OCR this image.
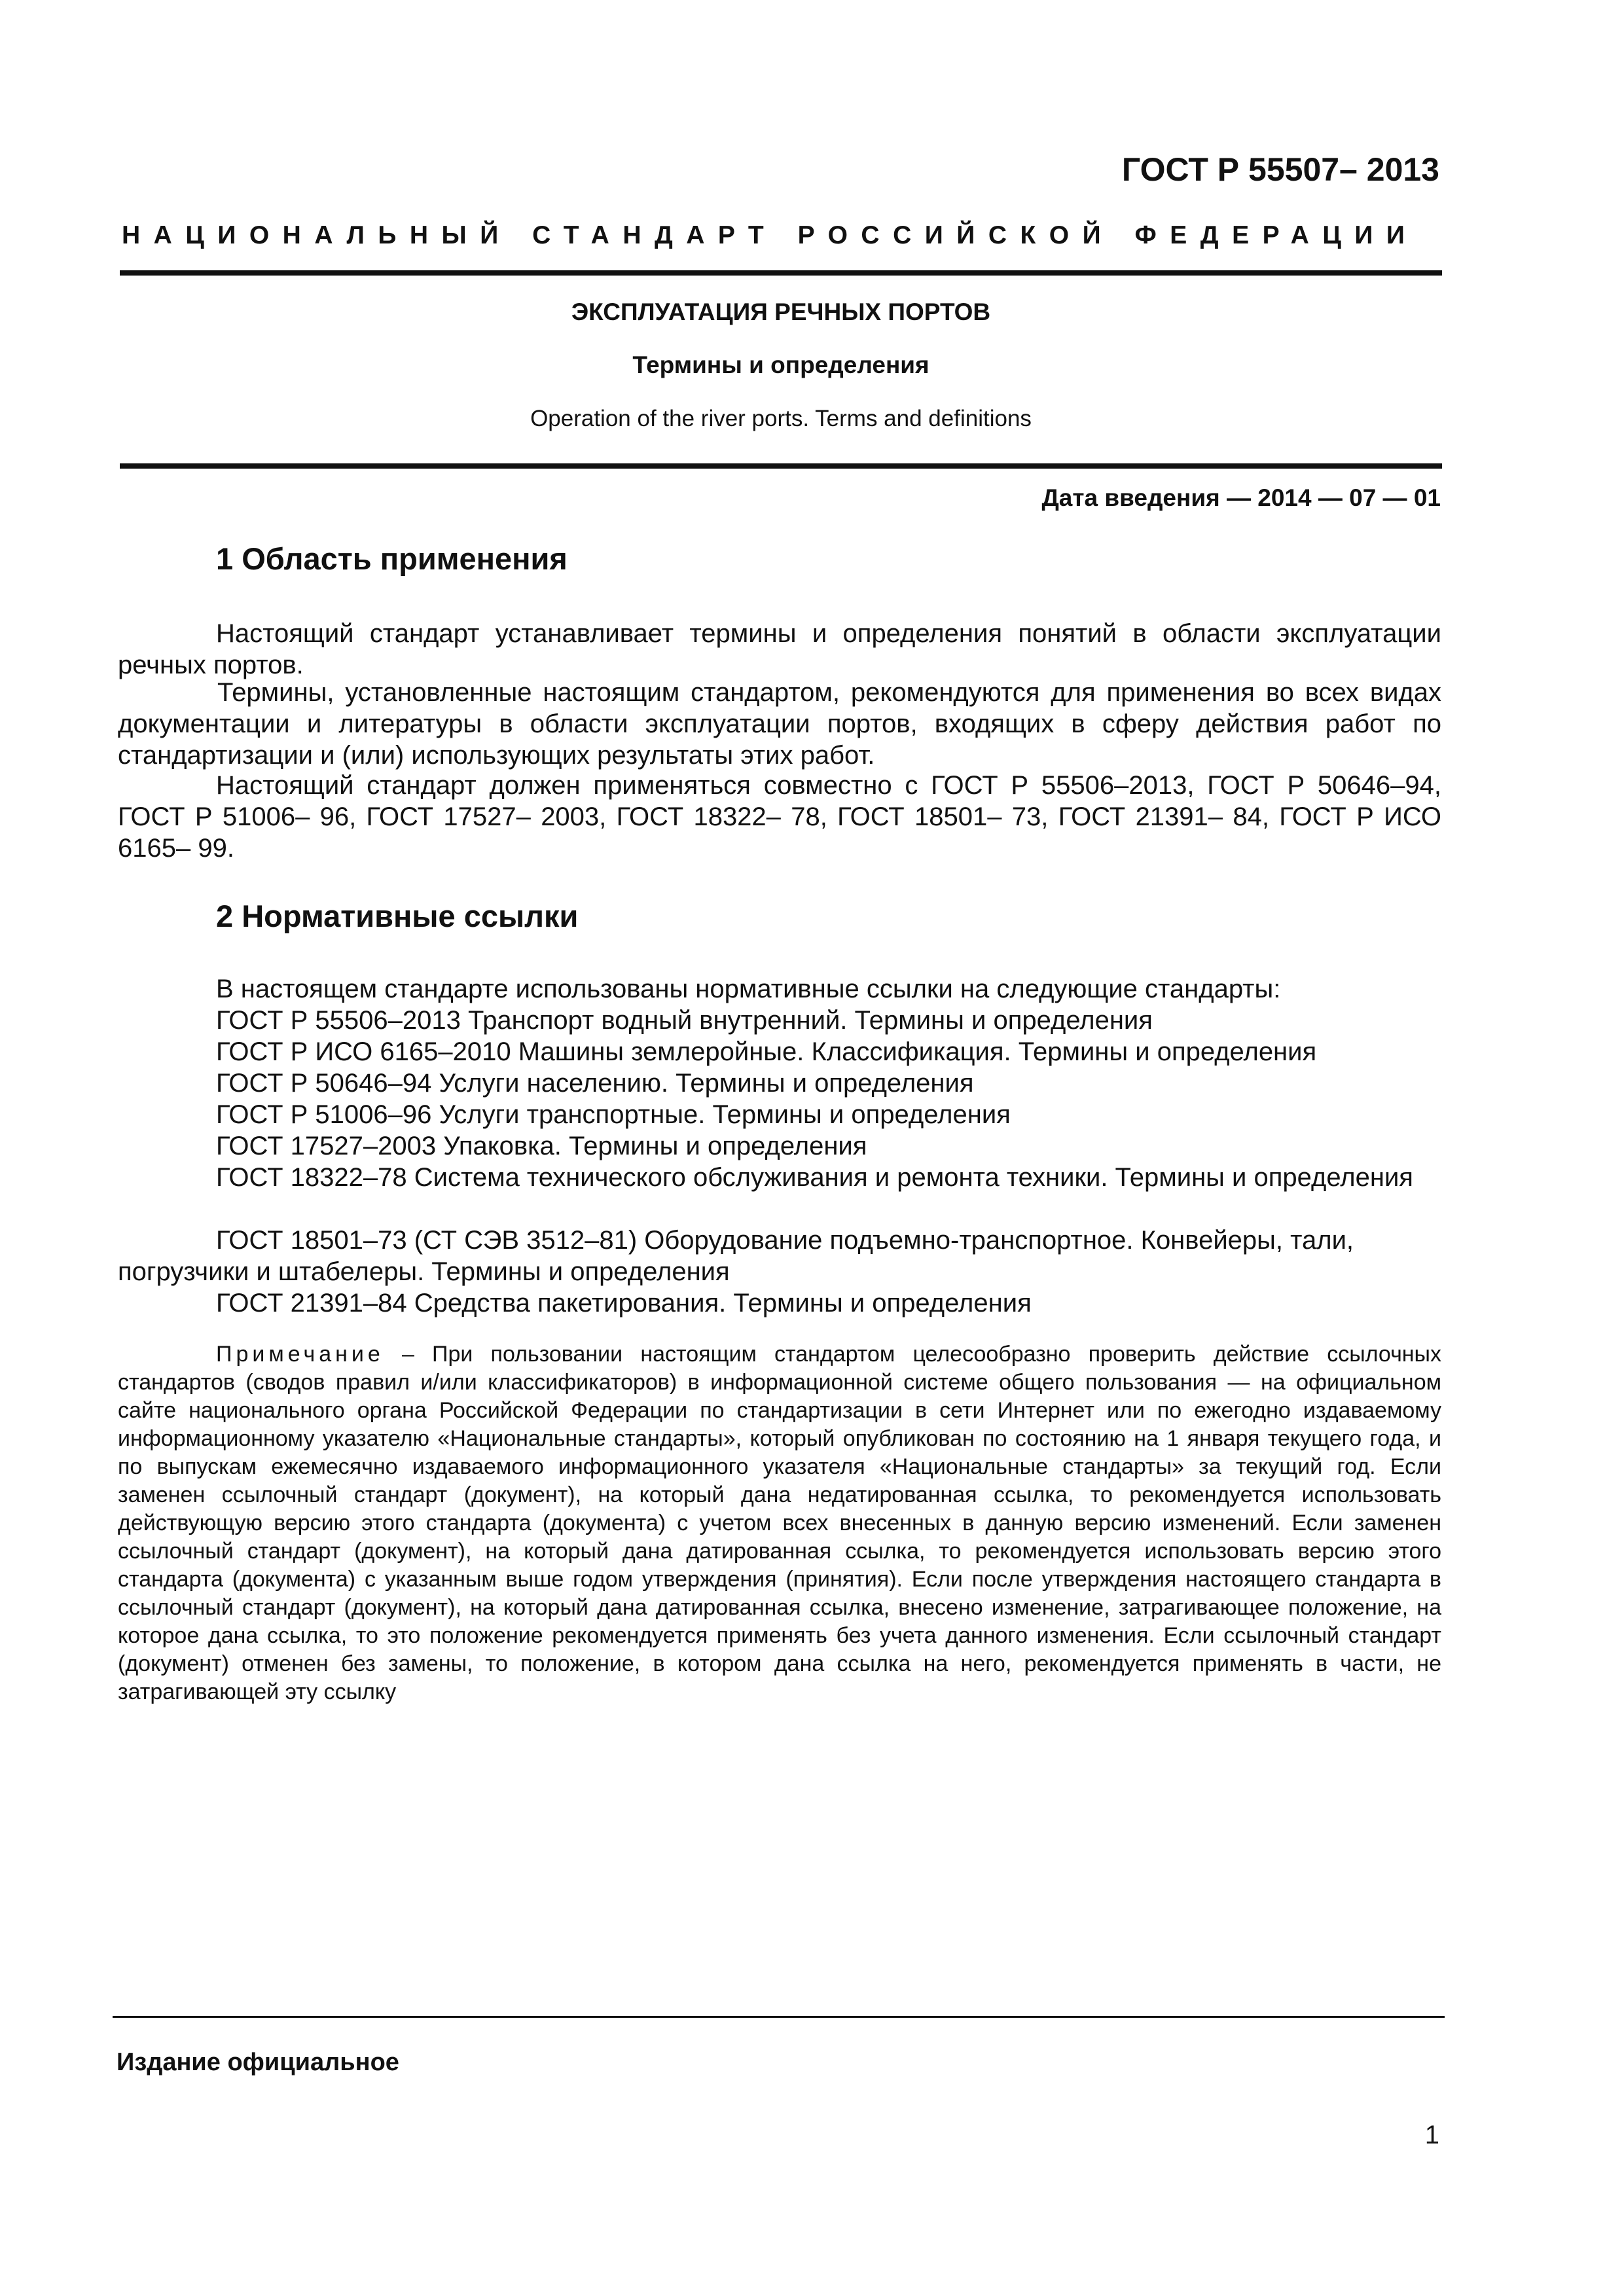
ГОСТ Р 55507– 2013
НАЦИОНАЛЬНЫЙ СТАНДАРТ РОССИЙСКОЙ ФЕДЕРАЦИИ
ЭКСПЛУАТАЦИЯ РЕЧНЫХ ПОРТОВ
Термины и определения
Operation of the river ports. Terms and definitions
Дата введения — 2014 — 07 — 01
1 Область применения
Настоящий стандарт устанавливает термины и определения понятий в области эксплуатации речных портов.
Термины, установленные настоящим стандартом, рекомендуются для применения во всех видах документации и литературы в области эксплуатации портов, входящих в сферу действия работ по стандартизации и (или) использующих результаты этих работ.
Настоящий стандарт должен применяться совместно с ГОСТ Р 55506–2013, ГОСТ Р 50646–94, ГОСТ Р 51006– 96, ГОСТ 17527– 2003, ГОСТ 18322– 78, ГОСТ 18501– 73, ГОСТ 21391– 84, ГОСТ Р ИСО 6165– 99.
2 Нормативные ссылки
В настоящем стандарте использованы нормативные ссылки на следующие стандарты:
ГОСТ Р 55506–2013 Транспорт водный внутренний. Термины и определения
ГОСТ Р ИСО 6165–2010 Машины землеройные. Классификация. Термины и определения
ГОСТ Р 50646–94 Услуги населению. Термины и определения
ГОСТ Р 51006–96 Услуги транспортные. Термины и определения
ГОСТ 17527–2003 Упаковка. Термины и определения
ГОСТ 18322–78 Система технического обслуживания и ремонта техники. Термины и определения
ГОСТ 18501–73 (СТ СЭВ 3512–81) Оборудование подъемно-транспортное. Конвейеры, тали, погрузчики и штабелеры. Термины и определения
ГОСТ 21391–84 Средства пакетирования. Термины и определения
Примечание – При пользовании настоящим стандартом целесообразно проверить действие ссылочных стандартов (сводов правил и/или классификаторов) в информационной системе общего пользования — на официальном сайте национального органа Российской Федерации по стандартизации в сети Интернет или по ежегодно издаваемому информационному указателю «Национальные стандарты», который опубликован по состоянию на 1 января текущего года, и по выпускам ежемесячно издаваемого информационного указателя «Национальные стандарты» за текущий год. Если заменен ссылочный стандарт (документ), на который дана недатированная ссылка, то рекомендуется использовать действующую версию этого стандарта (документа) с учетом всех внесенных в данную версию изменений. Если заменен ссылочный стандарт (документ), на который дана датированная ссылка, то рекомендуется использовать версию этого стандарта (документа) с указанным выше годом утверждения (принятия). Если после утверждения настоящего стандарта в ссылочный стандарт (документ), на который дана датированная ссылка, внесено изменение, затрагивающее положение, на которое дана ссылка, то это положение рекомендуется применять без учета данного изменения. Если ссылочный стандарт (документ) отменен без замены, то положение, в котором дана ссылка на него, рекомендуется применять в части, не затрагивающей эту ссылку
Издание официальное
1
